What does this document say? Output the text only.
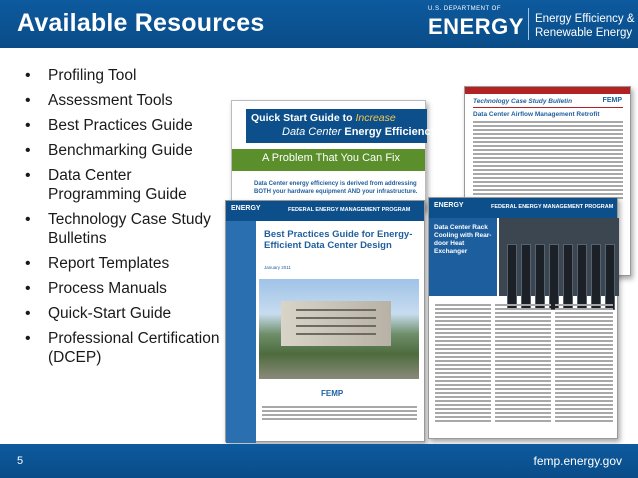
Available Resources	U.S. DEPARTMENT OF
ENERGY Energy Efficiency &
Renewable Energy
• Profiling Tool
• Assessment Tools
• Best Practices Guide
• Benchmarking Guide
• Data Center Programming Guide
• Technology Case Study Bulletins
• Report Templates
• Process Manuals
• Quick-Start Guide
• Professional Certification (DCEP)
Technology Case Study Bulletin	FEMP
Data Center Airflow Management Retrofit
Quick Start Guide to Increase
Data Center Energy Efficiency
A Problem That You Can Fix
Data Center energy efficiency is derived from addressing BOTH your hardware equipment AND your infrastructure.
ENERGY	FEDERAL ENERGY MANAGEMENT PROGRAM
Best Practices Guide for Energy-Efficient Data Center Design
January 2011
FEMP
ENERGY	FEDERAL ENERGY MANAGEMENT PROGRAM
Data Center Rack Cooling with Rear-door Heat Exchanger
5	femp.energy.gov
